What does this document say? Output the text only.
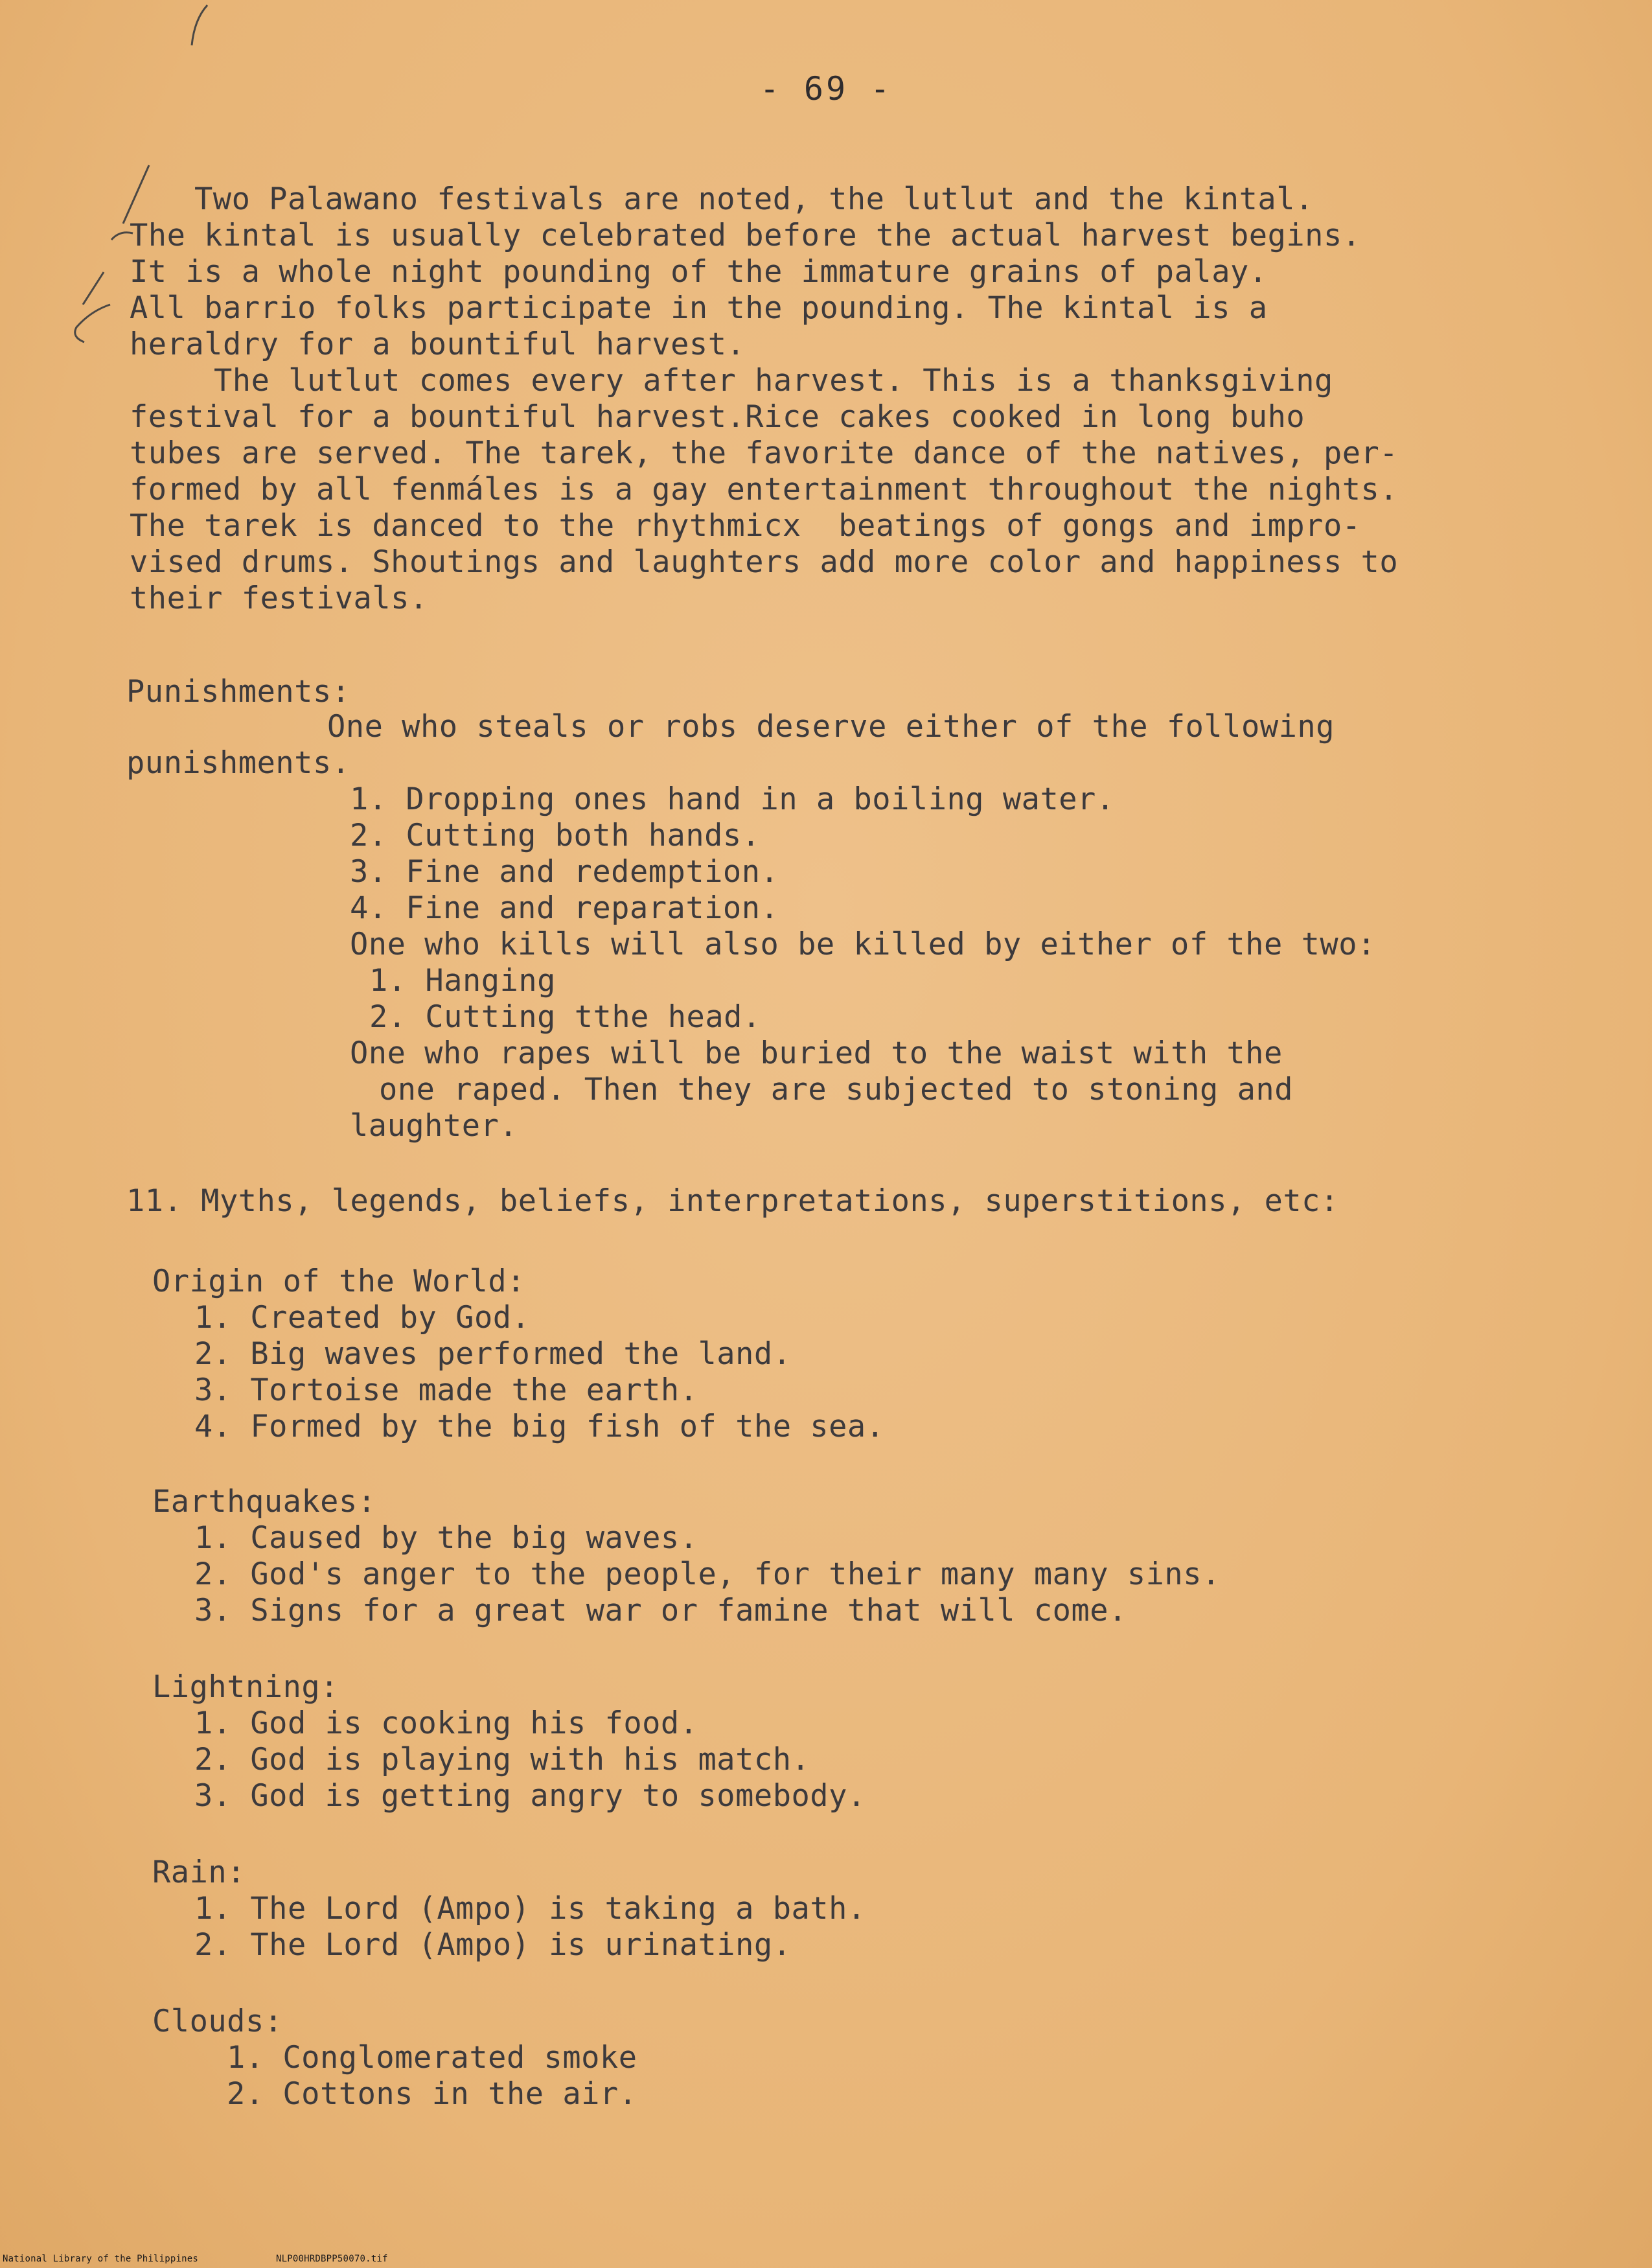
- 69 -

Two Palawano festivals are noted, the lutlut and the kintal.

The kintal is usually celebrated before the actual harvest begins.

It is a whole night pounding of the immature grains of palay.

All barrio folks participate in the pounding. The kintal is a

heraldry for a bountiful harvest.

The lutlut comes every after harvest. This is a thanksgiving

festival for a bountiful harvest.Rice cakes cooked in long buho

tubes are served. The tarek, the favorite dance of the natives, per-

formed by all fenmáles is a gay entertainment throughout the nights.

The tarek is danced to the rhythmicx  beatings of gongs and impro-

vised drums. Shoutings and laughters add more color and happiness to

their festivals.

Punishments:

One who steals or robs deserve either of the following

punishments.

1. Dropping ones hand in a boiling water.

2. Cutting both hands.

3. Fine and redemption.

4. Fine and reparation.

One who kills will also be killed by either of the two:

1. Hanging

2. Cutting tthe head.

One who rapes will be buried to the waist with the

one raped. Then they are subjected to stoning and

laughter.

11. Myths, legends, beliefs, interpretations, superstitions, etc:

Origin of the World:

1. Created by God.

2. Big waves performed the land.

3. Tortoise made the earth.

4. Formed by the big fish of the sea.

Earthquakes:

1. Caused by the big waves.

2. God's anger to the people, for their many many sins.

3. Signs for a great war or famine that will come.

Lightning:

1. God is cooking his food.

2. God is playing with his match.

3. God is getting angry to somebody.

Rain:

1. The Lord (Ampo) is taking a bath.

2. The Lord (Ampo) is urinating.

Clouds:

1. Conglomerated smoke

2. Cottons in the air.

National Library of the Philippines	NLP00HRDBPP50070.tif
